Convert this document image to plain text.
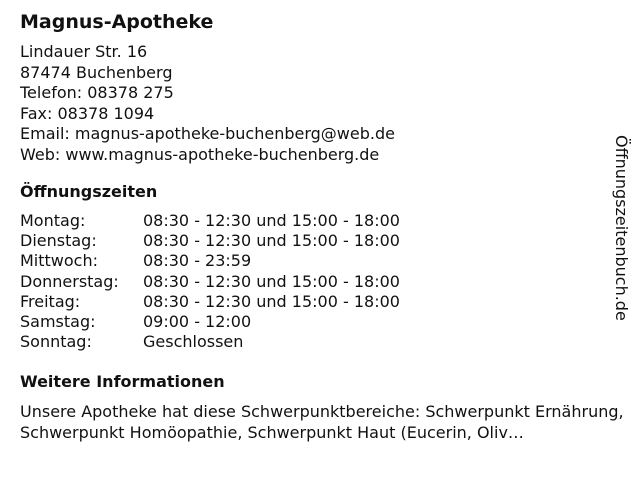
Magnus-Apotheke
Lindauer Str. 16
87474 Buchenberg
Telefon: 08378 275
Fax: 08378 1094
Email: magnus-apotheke-buchenberg@web.de
Web: www.magnus-apotheke-buchenberg.de
Öffnungszeiten
Montag:	08:30 - 12:30 und 15:00 - 18:00
Dienstag:	08:30 - 12:30 und 15:00 - 18:00
Mittwoch:	08:30 - 23:59
Donnerstag:	08:30 - 12:30 und 15:00 - 18:00
Freitag:	08:30 - 12:30 und 15:00 - 18:00
Samstag:	09:00 - 12:00
Sonntag:	Geschlossen
Weitere Informationen
Unsere Apotheke hat diese Schwerpunktbereiche: Schwerpunkt Ernährung, Schwerpunkt Homöopathie, Schwerpunkt Haut (Eucerin, Oliv…
Öffnungszeitenbuch.de
